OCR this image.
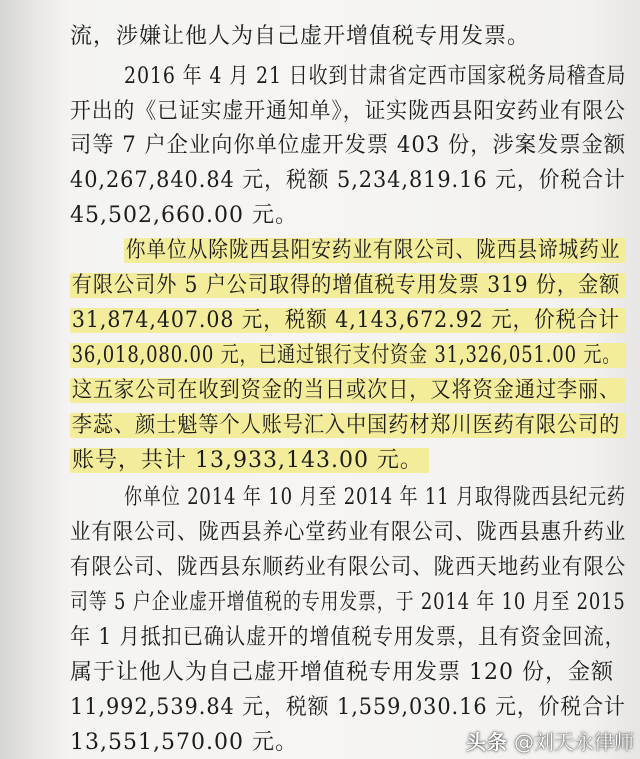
流，涉嫌让他人为自己虚开增值税专用发票。
2016 年 4 月 21 日收到甘肃省定西市国家税务局稽查局
开出的《已证实虚开通知单》，证实陇西县阳安药业有限公
司等 7 户企业向你单位虚开发票 403 份，涉案发票金额
40,267,840.84 元，税额 5,234,819.16 元，价税合计
45,502,660.00 元。
你单位从除陇西县阳安药业有限公司、陇西县谛城药业
有限公司外 5 户公司取得的增值税专用发票 319 份，金额
31,874,407.08 元，税额 4,143,672.92 元，价税合计
36,018,080.00 元，已通过银行支付资金 31,326,051.00 元。
这五家公司在收到资金的当日或次日，又将资金通过李丽、
李蕊、颜士魁等个人账号汇入中国药材郑川医药有限公司的
账号，共计 13,933,143.00 元。
你单位 2014 年 10 月至 2014 年 11 月取得陇西县纪元药
业有限公司、陇西县养心堂药业有限公司、陇西县惠升药业
有限公司、陇西县东顺药业有限公司、陇西天地药业有限公
司等 5 户企业虚开增值税的专用发票，于 2014 年 10 月至 2015
年 1 月抵扣已确认虚开的增值税专用发票，且有资金回流，
属于让他人为自己虚开增值税专用发票 120 份，金额
11,992,539.84 元，税额 1,559,030.16 元，价税合计
13,551,570.00 元。	头条 @刘天永律师
